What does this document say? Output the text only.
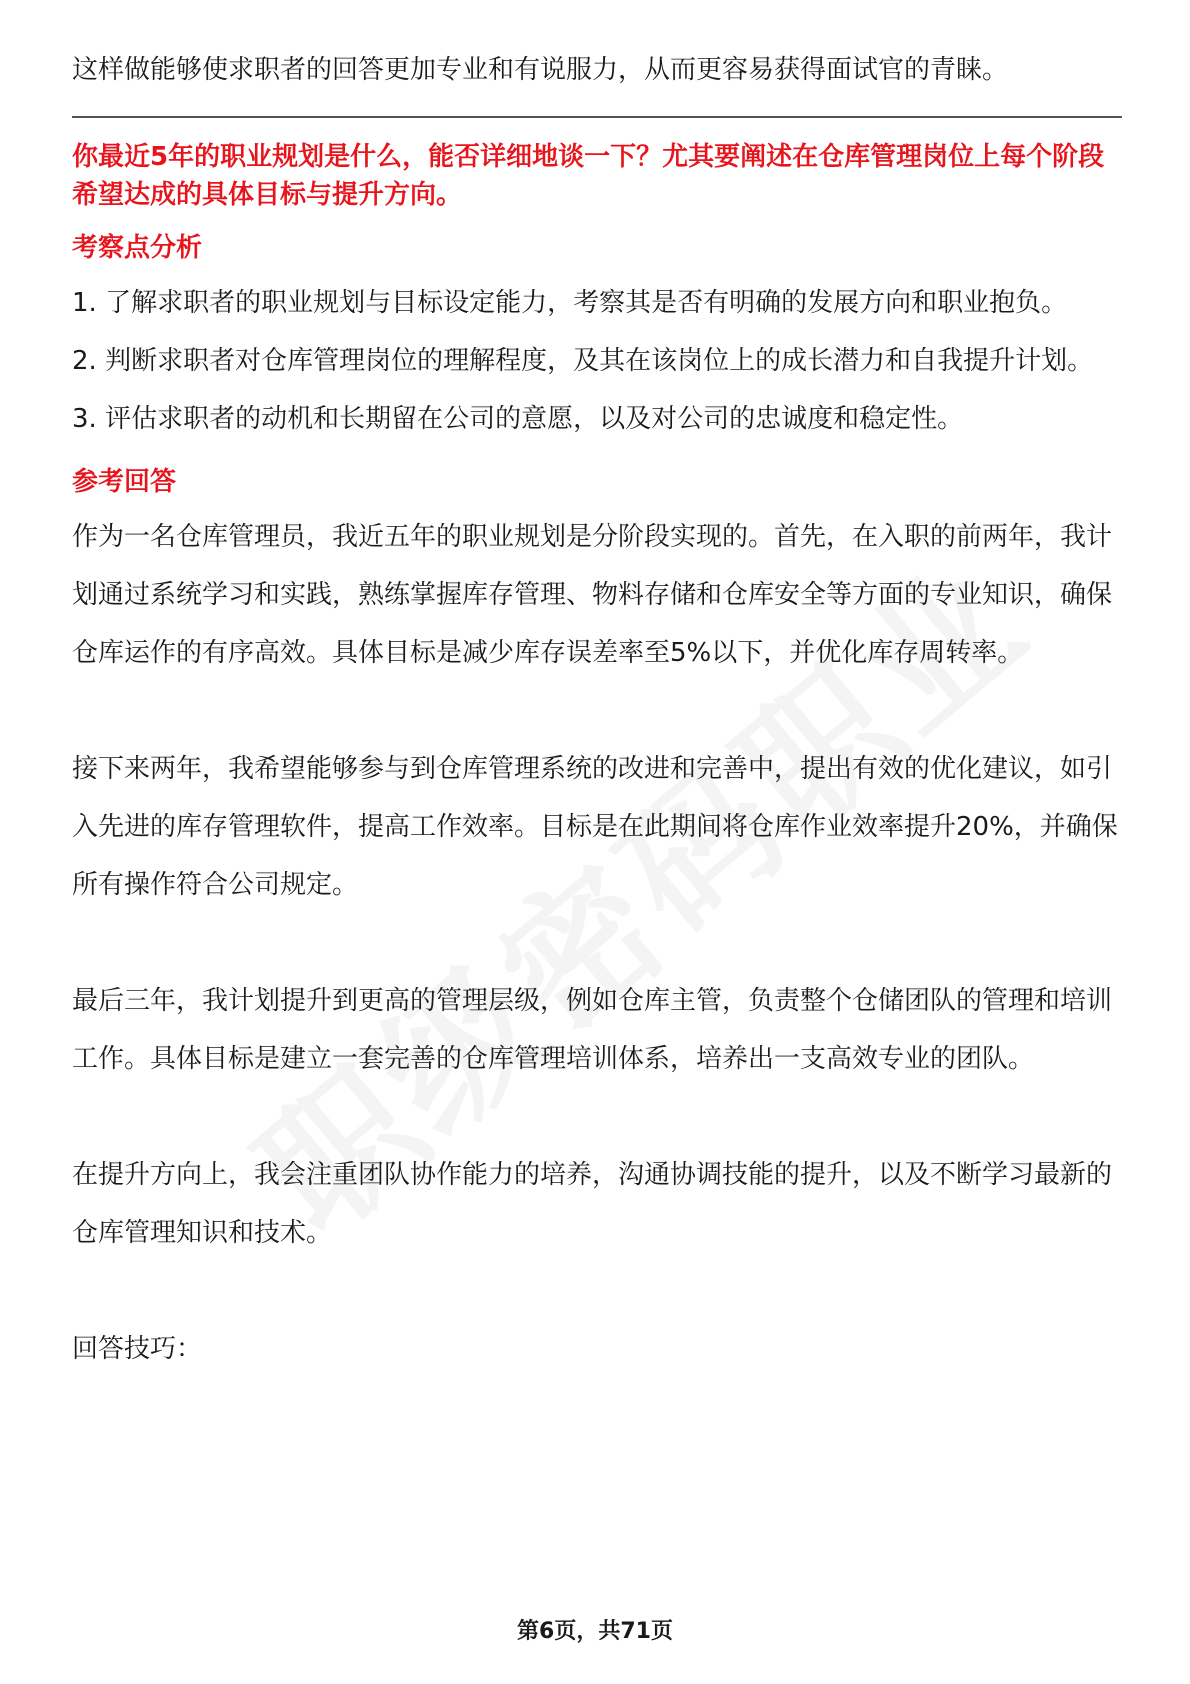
这样做能够使求职者的回答更加专业和有说服力，从而更容易获得面试官的青睐。

你最近5年的职业规划是什么，能否详细地谈一下？尤其要阐述在仓库管理岗位上每个阶段希望达成的具体目标与提升方向。

考察点分析

1. 了解求职者的职业规划与目标设定能力，考察其是否有明确的发展方向和职业抱负。

2. 判断求职者对仓库管理岗位的理解程度，及其在该岗位上的成长潜力和自我提升计划。

3. 评估求职者的动机和长期留在公司的意愿，以及对公司的忠诚度和稳定性。

参考回答

作为一名仓库管理员，我近五年的职业规划是分阶段实现的。首先，在入职的前两年，我计划通过系统学习和实践，熟练掌握库存管理、物料存储和仓库安全等方面的专业知识，确保仓库运作的有序高效。具体目标是减少库存误差率至5%以下，并优化库存周转率。

接下来两年，我希望能够参与到仓库管理系统的改进和完善中，提出有效的优化建议，如引入先进的库存管理软件，提高工作效率。目标是在此期间将仓库作业效率提升20%，并确保所有操作符合公司规定。

最后三年，我计划提升到更高的管理层级，例如仓库主管，负责整个仓储团队的管理和培训工作。具体目标是建立一套完善的仓库管理培训体系，培养出一支高效专业的团队。

在提升方向上，我会注重团队协作能力的培养，沟通协调技能的提升，以及不断学习最新的仓库管理知识和技术。

回答技巧：

第6页，共71页
